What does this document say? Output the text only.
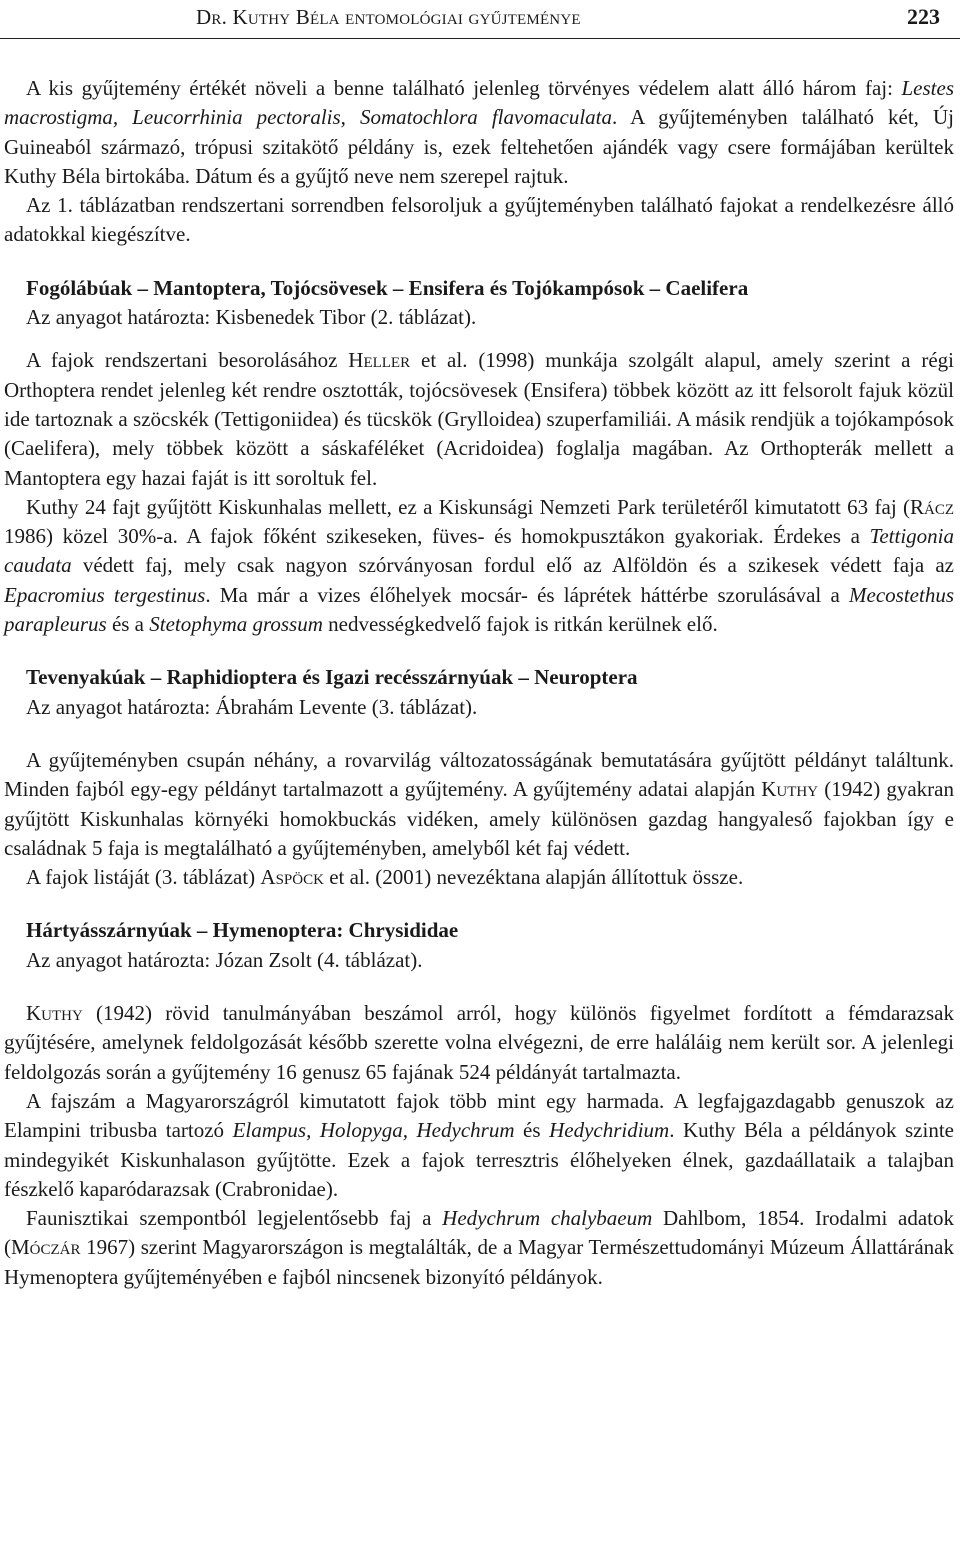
Dr. Kuthy Béla entomológiai gyűjteménye	223

A kis gyűjtemény értékét növeli a benne található jelenleg törvényes védelem alatt álló három faj: Lestes macrostigma, Leucorrhinia pectoralis, Somatochlora flavomaculata. A gyűjteményben található két, Új Guineaból származó, trópusi szitakötő példány is, ezek feltehetően ajándék vagy csere formájában kerültek Kuthy Béla birtokába. Dátum és a gyűjtő neve nem szerepel rajtuk.

Az 1. táblázatban rendszertani sorrendben felsoroljuk a gyűjteményben található fajokat a rendelkezésre álló adatokkal kiegészítve.

Fogólábúak – Mantoptera, Tojócsövesek – Ensifera és Tojókampósok – Caelifera

Az anyagot határozta: Kisbenedek Tibor (2. táblázat).

A fajok rendszertani besorolásához Heller et al. (1998) munkája szolgált alapul, amely szerint a régi Orthoptera rendet jelenleg két rendre osztották, tojócsövesek (Ensifera) többek között az itt felsorolt fajuk közül ide tartoznak a szöcskék (Tettigoniidea) és tücskök (Grylloidea) szuperfamiliái. A másik rendjük a tojókampósok (Caelifera), mely többek között a sáskaféléket (Acridoidea) foglalja magában. Az Orthopterák mellett a Mantoptera egy hazai faját is itt soroltuk fel.

Kuthy 24 fajt gyűjtött Kiskunhalas mellett, ez a Kiskunsági Nemzeti Park területéről kimutatott 63 faj (Rácz 1986) közel 30%-a. A fajok főként szikeseken, füves- és homokpusztákon gyakoriak. Érdekes a Tettigonia caudata védett faj, mely csak nagyon szórványosan fordul elő az Alföldön és a szikesek védett faja az Epacromius tergestinus. Ma már a vizes élőhelyek mocsár- és láprétek háttérbe szorulásával a Mecostethus parapleurus és a Stetophyma grossum nedvességkedvelő fajok is ritkán kerülnek elő.

Tevenyakúak – Raphidioptera és Igazi recésszárnyúak – Neuroptera

Az anyagot határozta: Ábrahám Levente (3. táblázat).

A gyűjteményben csupán néhány, a rovarvilág változatosságának bemutatására gyűjtött példányt találtunk. Minden fajból egy-egy példányt tartalmazott a gyűjtemény. A gyűjtemény adatai alapján Kuthy (1942) gyakran gyűjtött Kiskunhalas környéki homokbuckás vidéken, amely különösen gazdag hangyaleső fajokban így e családnak 5 faja is megtalálható a gyűjteményben, amelyből két faj védett.

A fajok listáját (3. táblázat) Aspöck et al. (2001) nevezéktana alapján állítottuk össze.

Hártyásszárnyúak – Hymenoptera: Chrysididae

Az anyagot határozta: Józan Zsolt (4. táblázat).

Kuthy (1942) rövid tanulmányában beszámol arról, hogy különös figyelmet fordított a fémdarazsak gyűjtésére, amelynek feldolgozását később szerette volna elvégezni, de erre haláláig nem került sor. A jelenlegi feldolgozás során a gyűjtemény 16 genusz 65 fajának 524 példányát tartalmazta.

A fajszám a Magyarországról kimutatott fajok több mint egy harmada. A legfajgazdagabb genuszok az Elampini tribusba tartozó Elampus, Holopyga, Hedychrum és Hedychridium. Kuthy Béla a példányok szinte mindegyikét Kiskunhalason gyűjtötte. Ezek a fajok terresztris élőhelyeken élnek, gazdaállataik a talajban fészkelő kaparódarazsak (Crabronidae).

Faunisztikai szempontból legjelentősebb faj a Hedychrum chalybaeum Dahlbom, 1854. Irodalmi adatok (Móczár 1967) szerint Magyarországon is megtalálták, de a Magyar Természettudományi Múzeum Állattárának Hymenoptera gyűjteményében e fajból nincsenek bizonyító példányok.
